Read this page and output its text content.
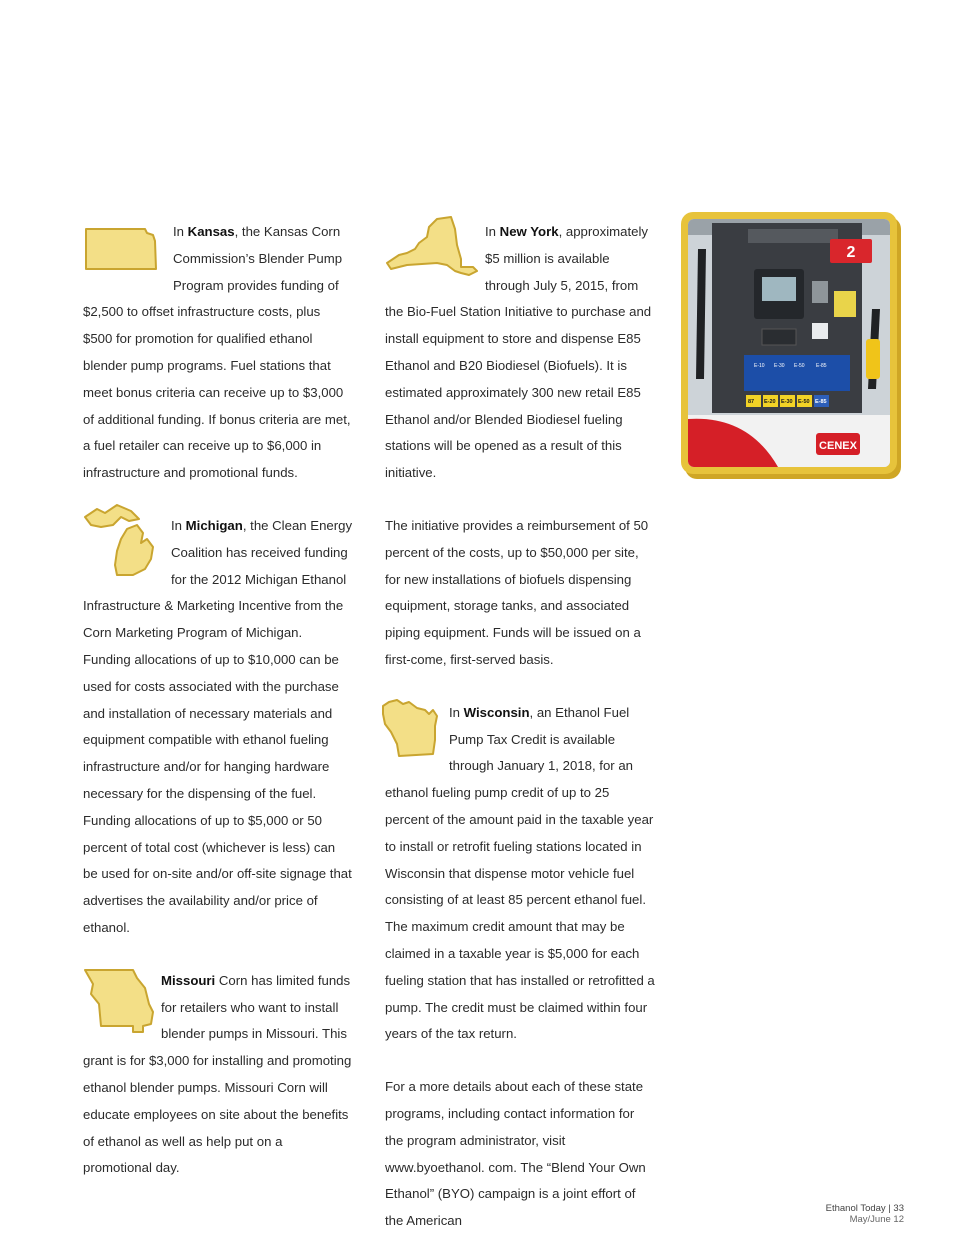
In Kansas, the Kansas Corn Commission’s Blender Pump Program provides funding of $2,500 to offset infrastructure costs, plus $500 for promotion for qualified ethanol blender pump programs. Fuel stations that meet bonus criteria can receive up to $3,000 of additional funding. If bonus criteria are met, a fuel retailer can receive up to $6,000 in infrastructure and promotional funds.

In Michigan, the Clean Energy Coalition has received funding for the 2012 Michigan Ethanol Infrastructure & Marketing Incentive from the Corn Marketing Program of Michigan. Funding allocations of up to $10,000 can be used for costs associated with the purchase and installation of necessary materials and equipment compatible with ethanol fueling infrastructure and/or for hanging hardware necessary for the dispensing of the fuel. Funding allocations of up to $5,000 or 50 percent of total cost (whichever is less) can be used for on-site and/or off-site signage that advertises the availability and/or price of ethanol.

Missouri Corn has limited funds for retailers who want to install blender pumps in Missouri. This grant is for $3,000 for installing and promoting ethanol blender pumps. Missouri Corn will educate employees on site about the benefits of ethanol as well as help put on a promotional day.

In New York, approximately $5 million is available through July 5, 2015, from the Bio-Fuel Station Initiative to purchase and install equipment to store and dispense E85 Ethanol and B20 Biodiesel (Biofuels). It is estimated approximately 300 new retail E85 Ethanol and/or Blended Biodiesel fueling stations will be opened as a result of this initiative.

The initiative provides a reimbursement of 50 percent of the costs, up to $50,000 per site, for new installations of biofuels dispensing equipment, storage tanks, and associated piping equipment. Funds will be issued on a first-come, first-served basis.

In Wisconsin, an Ethanol Fuel Pump Tax Credit is available through January 1, 2018, for an ethanol fueling pump credit of up to 25 percent of the amount paid in the taxable year to install or retrofit fueling stations located in Wisconsin that dispense motor vehicle fuel consisting of at least 85 percent ethanol fuel. The maximum credit amount that may be claimed in a taxable year is $5,000 for each fueling station that has installed or retrofitted a pump. The credit must be claimed within four years of the tax return.

For a more details about each of these state programs, including contact information for the program administrator, visit www.byoethanol. com. The “Blend Your Own Ethanol” (BYO) campaign is a joint effort of the American

2
E-10 E-30 E-50 E-85
87 E-20 E-30 E-50 E-85
CENEX
Ethanol Today | 33
May/June 12
